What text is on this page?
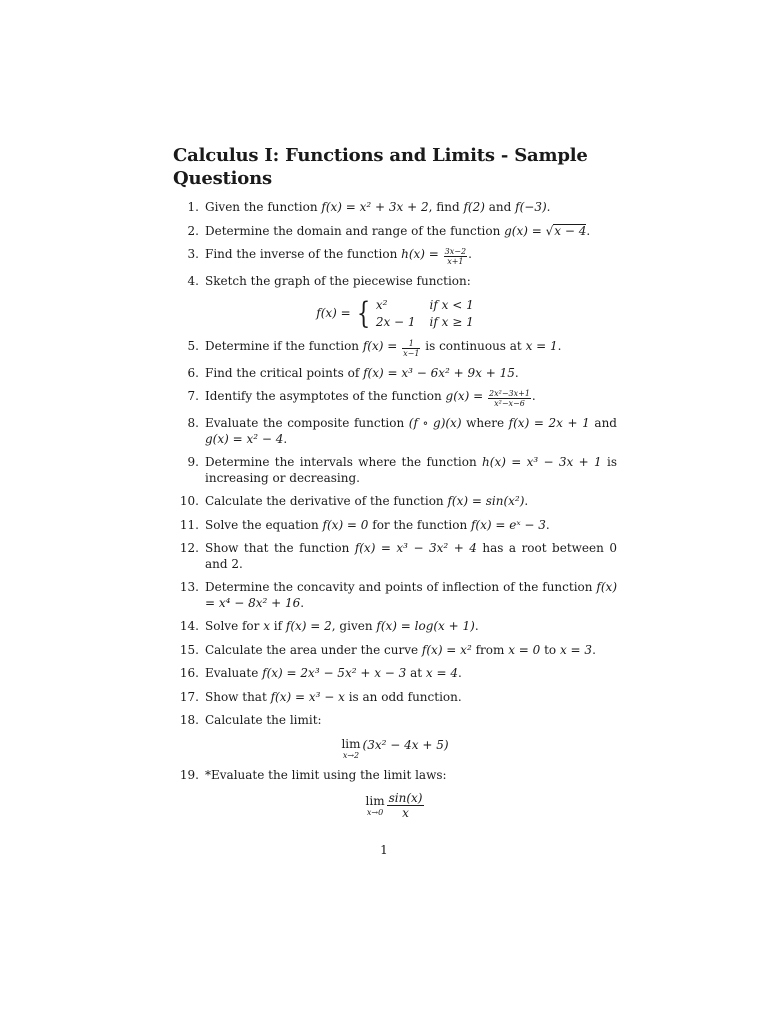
Calculus I: Functions and Limits - Sample Questions
1. Given the function f(x) = x² + 3x + 2, find f(2) and f(−3).
2. Determine the domain and range of the function g(x) = √x − 4.
3. Find the inverse of the function $h(x) = \frac{3x-2}{x+1}$ .
4. Sketch the graph of the piecewise function:
f(x) = { x²	if x < 1
2x − 1 if x ≥ 1
5. Determine if the function $f(x) = \frac{1}{x-1}$ is continuous at x = 1.
6. Find the critical points of f(x) = x³ − 6x² + 9x + 15.
7. Identify the asymptotes of the function $g(x) = \frac{\text{2x²−3x+1}}{\text{x²−x−6}}$ .
8. Evaluate the composite function (f ∘ g)(x) where f(x) = 2x + 1 and g(x) = x² − 4.
9. Determine the intervals where the function h(x) = x³ − 3x + 1 is increasing or decreasing.
10. Calculate the derivative of the function f(x) = sin(x²).
11. Solve the equation f(x) = 0 for the function f(x) = eˣ − 3.
12. Show that the function f(x) = x³ − 3x² + 4 has a root between 0 and 2.
13. Determine the concavity and points of inflection of the function f(x) = x⁴ − 8x² + 16.
14. Solve for x if f(x) = 2, given f(x) = log(x + 1).
15. Calculate the area under the curve f(x) = x² from x = 0 to x = 3.
16. Evaluate f(x) = 2x³ − 5x² + x − 3 at x = 4.
17. Show that f(x) = x³ − x is an odd function.
18. Calculate the limit:
lim
x→2
(3x² − 4x + 5)
19. *Evaluate the limit using the limit laws:
lim
$x\to 0 \frac{\sin(x)}{x}$
1
